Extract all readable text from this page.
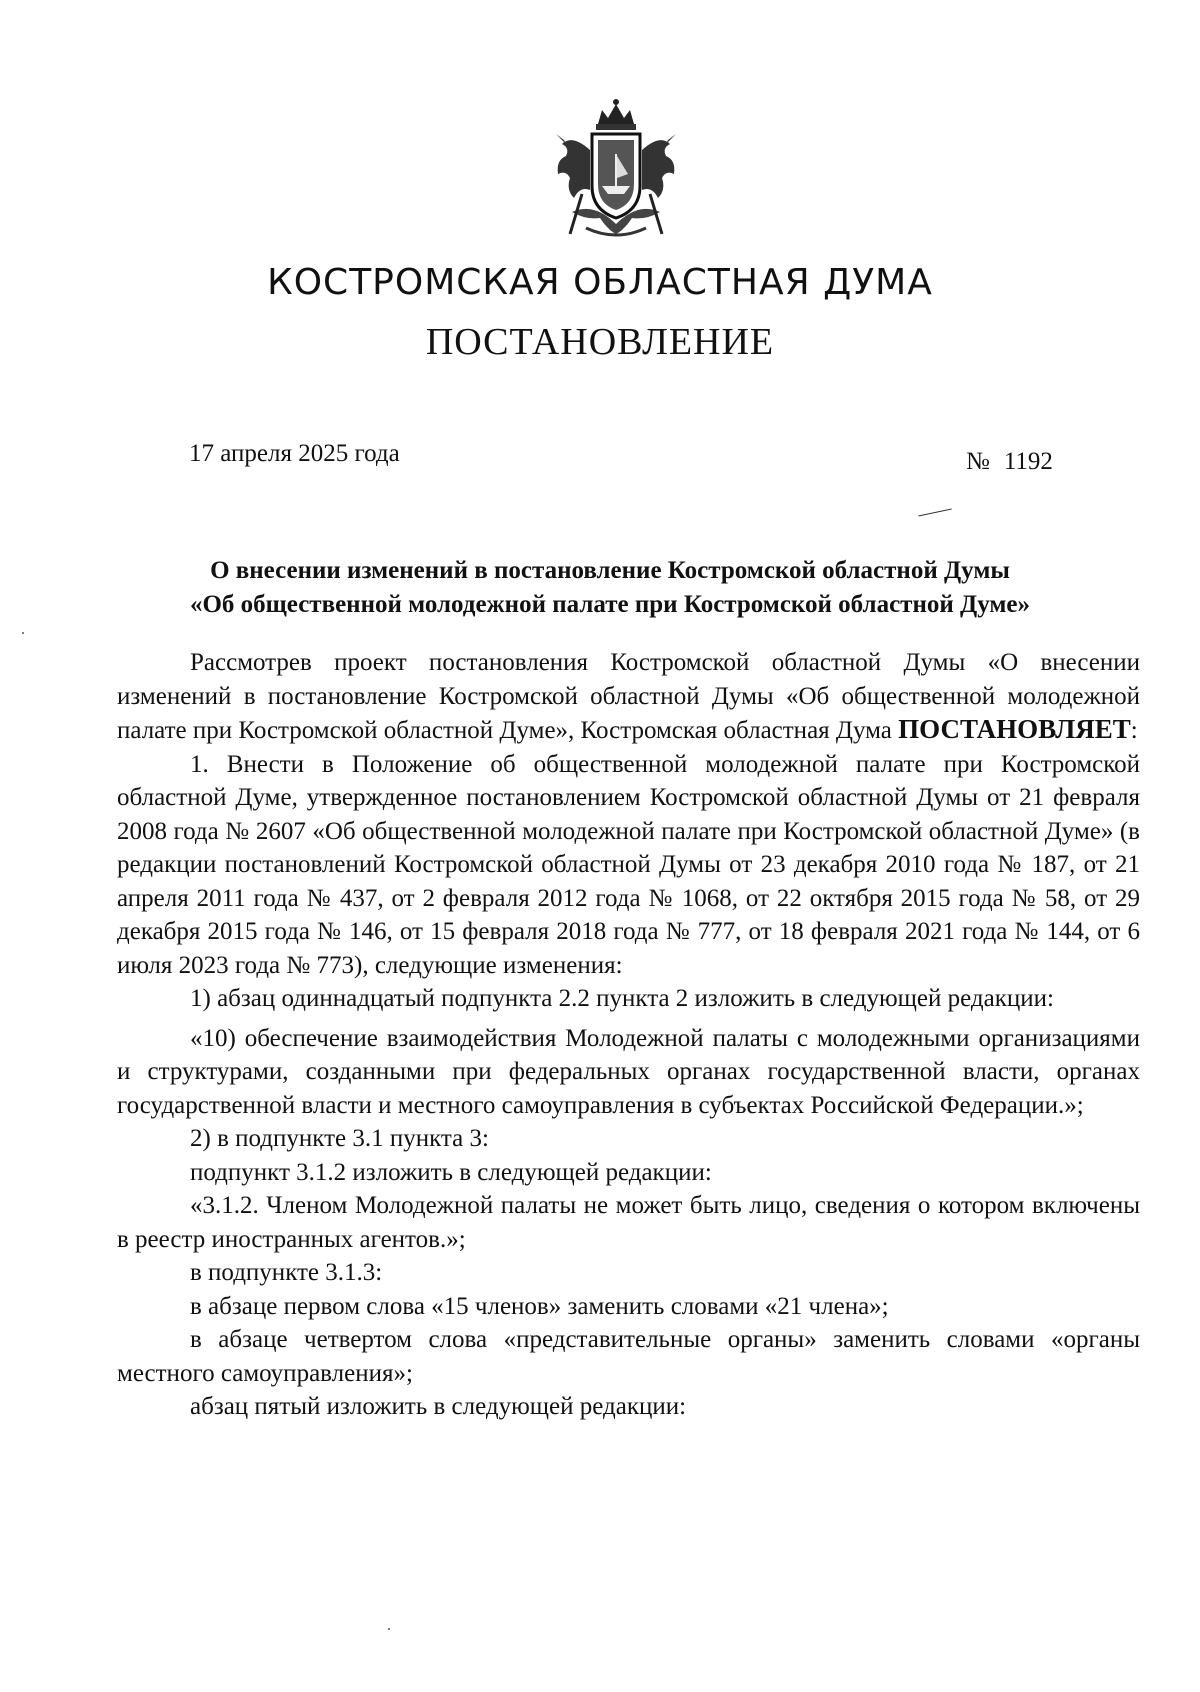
КОСТРОМСКАЯ ОБЛАСТНАЯ ДУМА
ПОСТАНОВЛЕНИЕ
17 апреля 2025 года	№ 1192
О внесении изменений в постановление Костромской областной Думы
«Об общественной молодежной палате при Костромской областной Думе»

Рассмотрев проект постановления Костромской областной Думы «О внесении изменений в постановление Костромской областной Думы «Об общественной молодежной палате при Костромской областной Думе», Костромская областная Дума ПОСТАНОВЛЯЕТ:

1. Внести в Положение об общественной молодежной палате при Костромской областной Думе, утвержденное постановлением Костромской областной Думы от 21 февраля 2008 года № 2607 «Об общественной молодежной палате при Костромской областной Думе» (в редакции постановлений Костромской областной Думы от 23 декабря 2010 года № 187, от 21 апреля 2011 года № 437, от 2 февраля 2012 года № 1068, от 22 октября 2015 года № 58, от 29 декабря 2015 года № 146, от 15 февраля 2018 года № 777, от 18 февраля 2021 года № 144, от 6 июля 2023 года № 773), следующие изменения:

1) абзац одиннадцатый подпункта 2.2 пункта 2 изложить в следующей редакции:

«10) обеспечение взаимодействия Молодежной палаты с молодежными организациями и структурами, созданными при федеральных органах государственной власти, органах государственной власти и местного самоуправления в субъектах Российской Федерации.»;

2) в подпункте 3.1 пункта 3:

подпункт 3.1.2 изложить в следующей редакции:

«3.1.2. Членом Молодежной палаты не может быть лицо, сведения о котором включены в реестр иностранных агентов.»;

в подпункте 3.1.3:

в абзаце первом слова «15 членов» заменить словами «21 члена»;

в абзаце четвертом слова «представительные органы» заменить словами «органы местного самоуправления»;

абзац пятый изложить в следующей редакции:
